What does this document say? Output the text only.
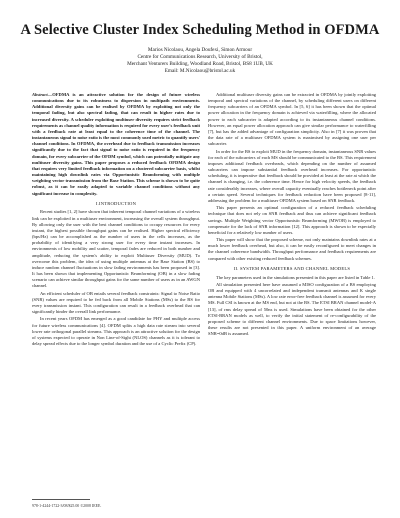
A Selective Cluster Index Scheduling Method in OFDMA
Marios Nicolaou, Angela Doufexi, Simon Armour
Centre for Communications Research, University of Bristol,
Merchant Venturers Building, Woodland Road, Bristol, BS8 1UB, UK
Email: M.Nicolaou@bristol.ac.uk

Abstract—OFDMA is an attractive solution for the design of future wireless communications due to its robustness to dispersion in multipath environments. Additional diversity gains can be realised by OFDMA by exploiting not only the temporal fading, but also spectral fading, that can result in higher rates due to increased diversity. A scheduler exploiting multiuser diversity requires strict feedback requirements as channel quality information is required for every user's feedback unit with a feedback rate at least equal to the coherence time of the channel. The instantaneous signal to noise ratio is the most commonly used metric to quantify users' channel conditions. In OFDMA, the overhead due to feedback transmission increases significantly due to the fact that signal to noise ratio is required in the frequency domain, for every subcarrier of the OFDM symbol, which can potentially mitigate any multiuser diversity gains. This paper proposes a reduced feedback OFDMA design that requires very limited feedback information on a clustered subcarrier basis, whilst maintaining high downlink rates via Opportunistic Beamforming with multiple weighting vector transmission from the Base Station. This scheme is shown to be quite robust, as it can be easily adapted to variable channel conditions without any significant increase in complexity.

I.INTRODUCTION

Recent studies [1, 2] have shown that inherent temporal channel variations of a wireless link can be exploited in a multiuser environment, increasing the overall system throughput. By allowing only the user with the best channel conditions to occupy resources for every instant, the highest possible throughput gains can be realised. Higher spectral efficiency (bps/Hz) can be accomplished as the number of users in the cells increases, as the probability of identifying a very strong user for every time instant increases. In environments of low mobility and scatter, temporal fades are reduced in both number and amplitude, reducing the system's ability to exploit Multiuser Diversity (MUD). To overcome this problem, the idea of using multiple antennas at the Base Station (BS) to induce random channel fluctuations in slow fading environments has been proposed in [3]. It has been shown that implementing Opportunistic Beamforming (OB) in a slow fading scenario can achieve similar throughput gains for the same number of users as in an AWGN channel.

An efficient scheduler of OB entails several feedback constraints: Signal to Noise Ratio (SNR) values are required to be fed back from all Mobile Stations (MSs) to the BS for every transmission instant. This configuration can result in a feedback overhead that can significantly hinder the overall link performance.

In recent years OFDM has emerged as a good candidate for PHY and multiple access for future wireless communications [4]. OFDM splits a high data rate stream into several lower rate orthogonal parallel streams. This approach is an attractive solution for the design of systems expected to operate in Non Line-of-Sight (NLOS) channels as it is tolerant to delay spread effects due to the longer symbol duration and the use of a Cyclic Prefix (CP).

Additional multiuser diversity gains can be extracted in OFDMA by jointly exploiting temporal and spectral variations of the channel, by scheduling different users on different frequency subcarriers of an OFDMA symbol. In [5, 6] it has been shown that the optimal power allocation in the frequency domain is achieved via waterfilling, where the allocated power to each subcarrier is adapted according to its instantaneous channel conditions. However, an equal power allocation approach can give similar performance to waterfilling [7], but has the added advantage of configuration simplicity. Also in [7] it was proven that the data rate of a multiuser OFDMA system is maximised by assigning one user per subcarrier.

In order for the BS to exploit MUD in the frequency domain, instantaneous SNR values for each of the subcarriers of each MS should be communicated to the BS. This requirement imposes additional feedback overheads, which depending on the number of assumed subcarriers can impose substantial feedback overhead increases. For opportunistic scheduling, it is imperative that feedback should be provided at least at the rate at which the channel is changing, i.e. the coherence time. Hence for high velocity speeds, the feedback rate considerably increases, where overall capacity eventually reaches bottleneck point after a certain speed. Several techniques for feedback reduction have been proposed [8-11], addressing the problem for a multiuser OFDMA system based on SNR feedback.

This paper presents an optimal configuration of a reduced feedback scheduling technique that does not rely on SNR feedback and thus can achieve significant feedback savings. Multiple Weighting vector Opportunistic Beamforming (MWOB) is employed to compensate for the lack of SNR information [12]. This approach is shown to be especially beneficial for a relatively low number of users.

This paper will show that the proposed scheme, not only maintains downlink rates at a much lower feedback overhead, but also, it can be easily reconfigured to meet changes in the channel coherence bandwidth. Throughput performance and feedback requirements are compared with other existing reduced feedback schemes.

II. SYSTEM PARAMETERS AND CHANNEL MODELS

The key parameters used in the simulations presented in this paper are listed in Table 1.

All simulation presented here have assumed a MISO configuration of a BS employing OB and equipped with 4 uncorrelated and independent transmit antennas and K single antenna Mobile Stations (MSs). A low rate error-free feedback channel is assumed for every MS. Full CSI is known at the MS end, but not at the BS. The ETSI BRAN channel model-A [13], of rms delay spread of 50ns is used. Simulations have been obtained for the other ETSI-BRAN models as well, to verify the initial statement of re-configurability of the proposed scheme to different channel environments. Due to space limitations however, these results are not presented in this paper. A uniform environment of an average SNR=0dB is assumed.

978-1-4244-1722-3/08/$25.00 ©2008 IEEE.
